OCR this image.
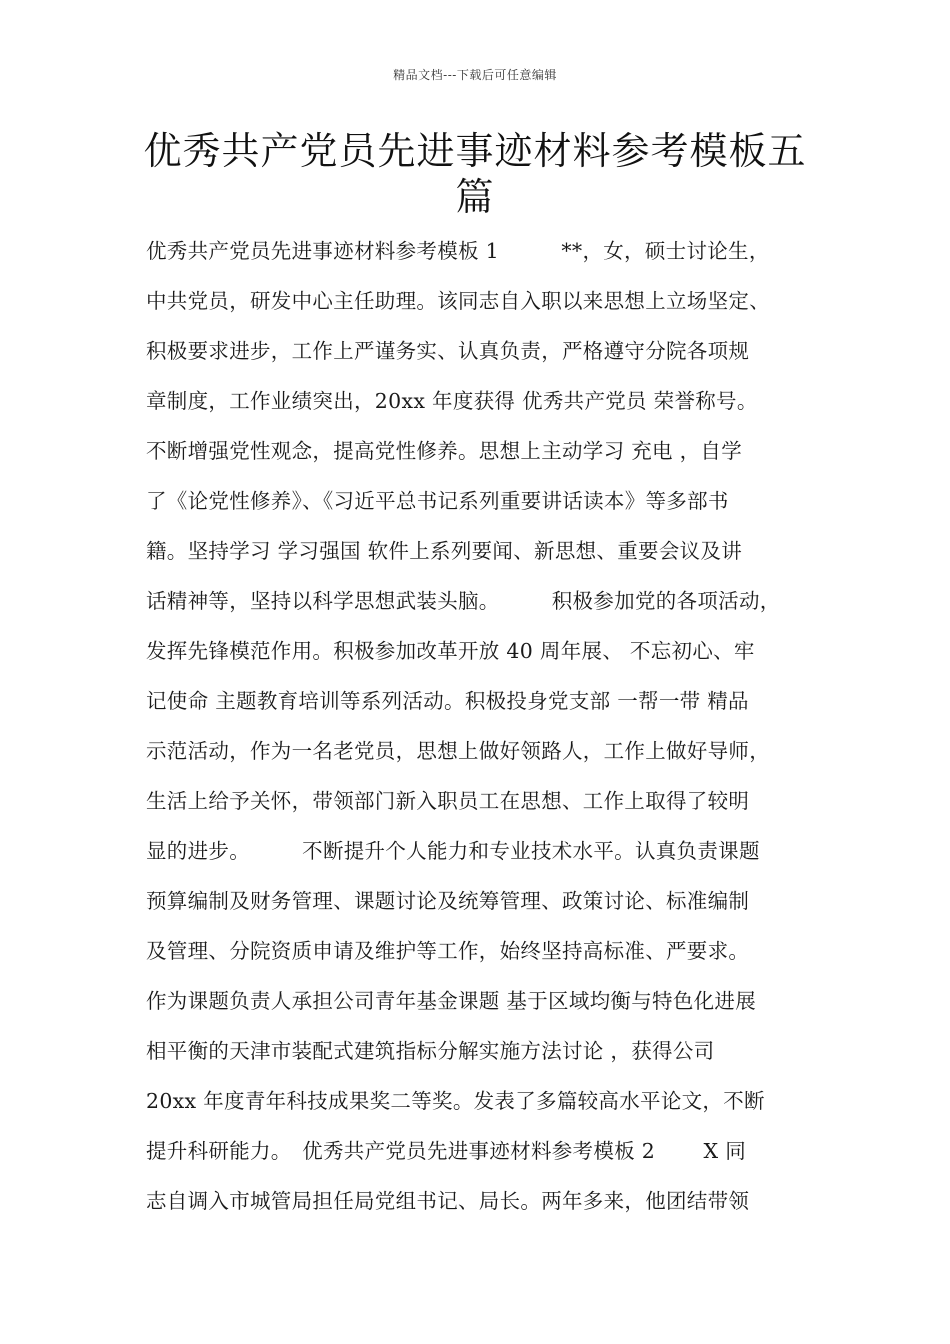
精品文档---下载后可任意编辑
优秀共产党员先进事迹材料参考模板五
篇
优秀共产党员先进事迹材料参考模板 1　　　**，女，硕士讨论生，
中共党员，研发中心主任助理。该同志自入职以来思想上立场坚定、
积极要求进步，工作上严谨务实、认真负责，严格遵守分院各项规
章制度，工作业绩突出，20xx 年度获得 优秀共产党员 荣誉称号。
不断增强党性观念，提高党性修养。思想上主动学习 充电 ，自学
了《论党性修养》、《习近平总书记系列重要讲话读本》等多部书
籍。坚持学习 学习强国 软件上系列要闻、新思想、重要会议及讲
话精神等，坚持以科学思想武装头脑。　　　积极参加党的各项活动，
发挥先锋模范作用。积极参加改革开放 40 周年展、 不忘初心、牢
记使命 主题教育培训等系列活动。积极投身党支部 一帮一带 精品
示范活动，作为一名老党员，思想上做好领路人，工作上做好导师，
生活上给予关怀，带领部门新入职员工在思想、工作上取得了较明
显的进步。　　　不断提升个人能力和专业技术水平。认真负责课题
预算编制及财务管理、课题讨论及统筹管理、政策讨论、标准编制
及管理、分院资质申请及维护等工作，始终坚持高标准、严要求。
作为课题负责人承担公司青年基金课题 基于区域均衡与特色化进展
相平衡的天津市装配式建筑指标分解实施方法讨论 ，获得公司
20xx 年度青年科技成果奖二等奖。发表了多篇较高水平论文，不断
提升科研能力。　优秀共产党员先进事迹材料参考模板 2　　 X 同
志自调入市城管局担任局党组书记、局长。两年多来，他团结带领
